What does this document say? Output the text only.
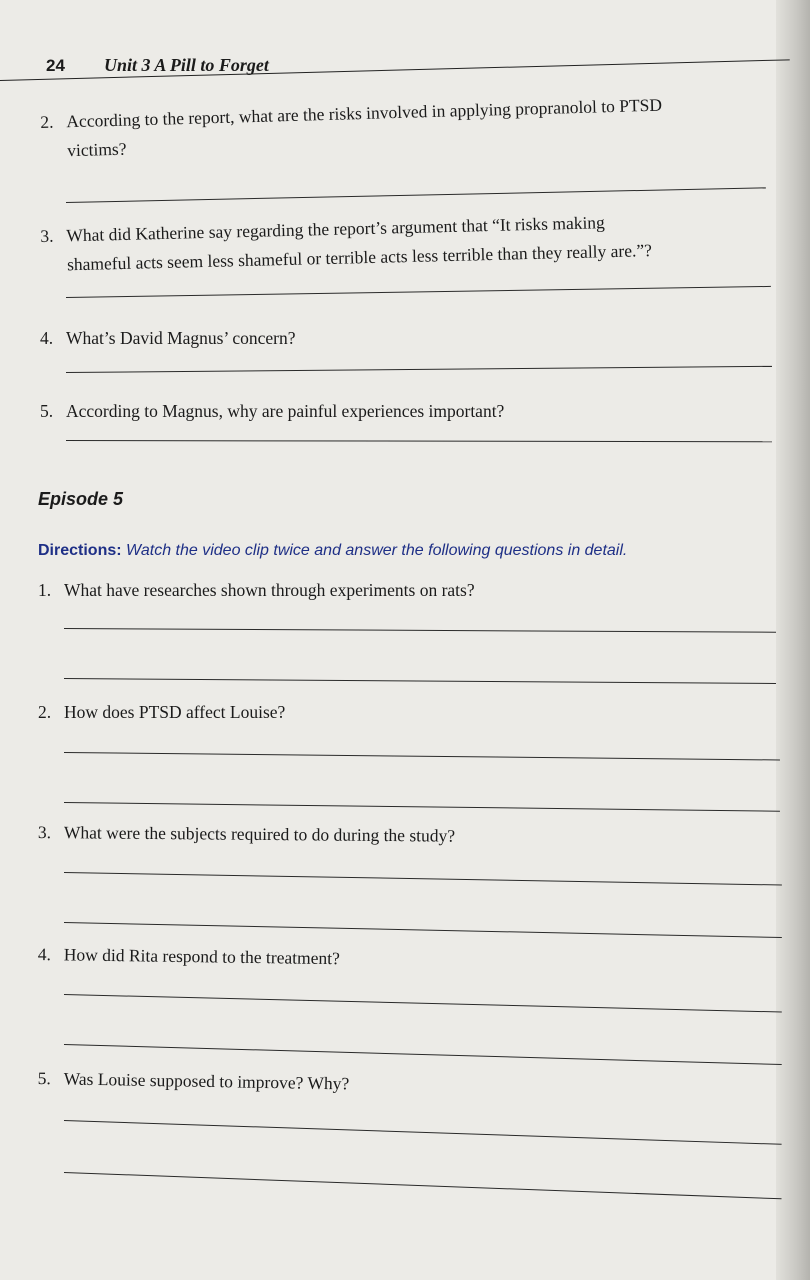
24 Unit 3 A Pill to Forget
2. According to the report, what are the risks involved in applying propranolol to PTSD
victims?
3. What did Katherine say regarding the report’s argument that “It risks making
shameful acts seem less shameful or terrible acts less terrible than they really are.”?
4. What’s David Magnus’ concern?
5. According to Magnus, why are painful experiences important?
Episode 5
Directions: Watch the video clip twice and answer the following questions in detail.
1. What have researches shown through experiments on rats?
2. How does PTSD affect Louise?
3. What were the subjects required to do during the study?
4. How did Rita respond to the treatment?
5. Was Louise supposed to improve? Why?
